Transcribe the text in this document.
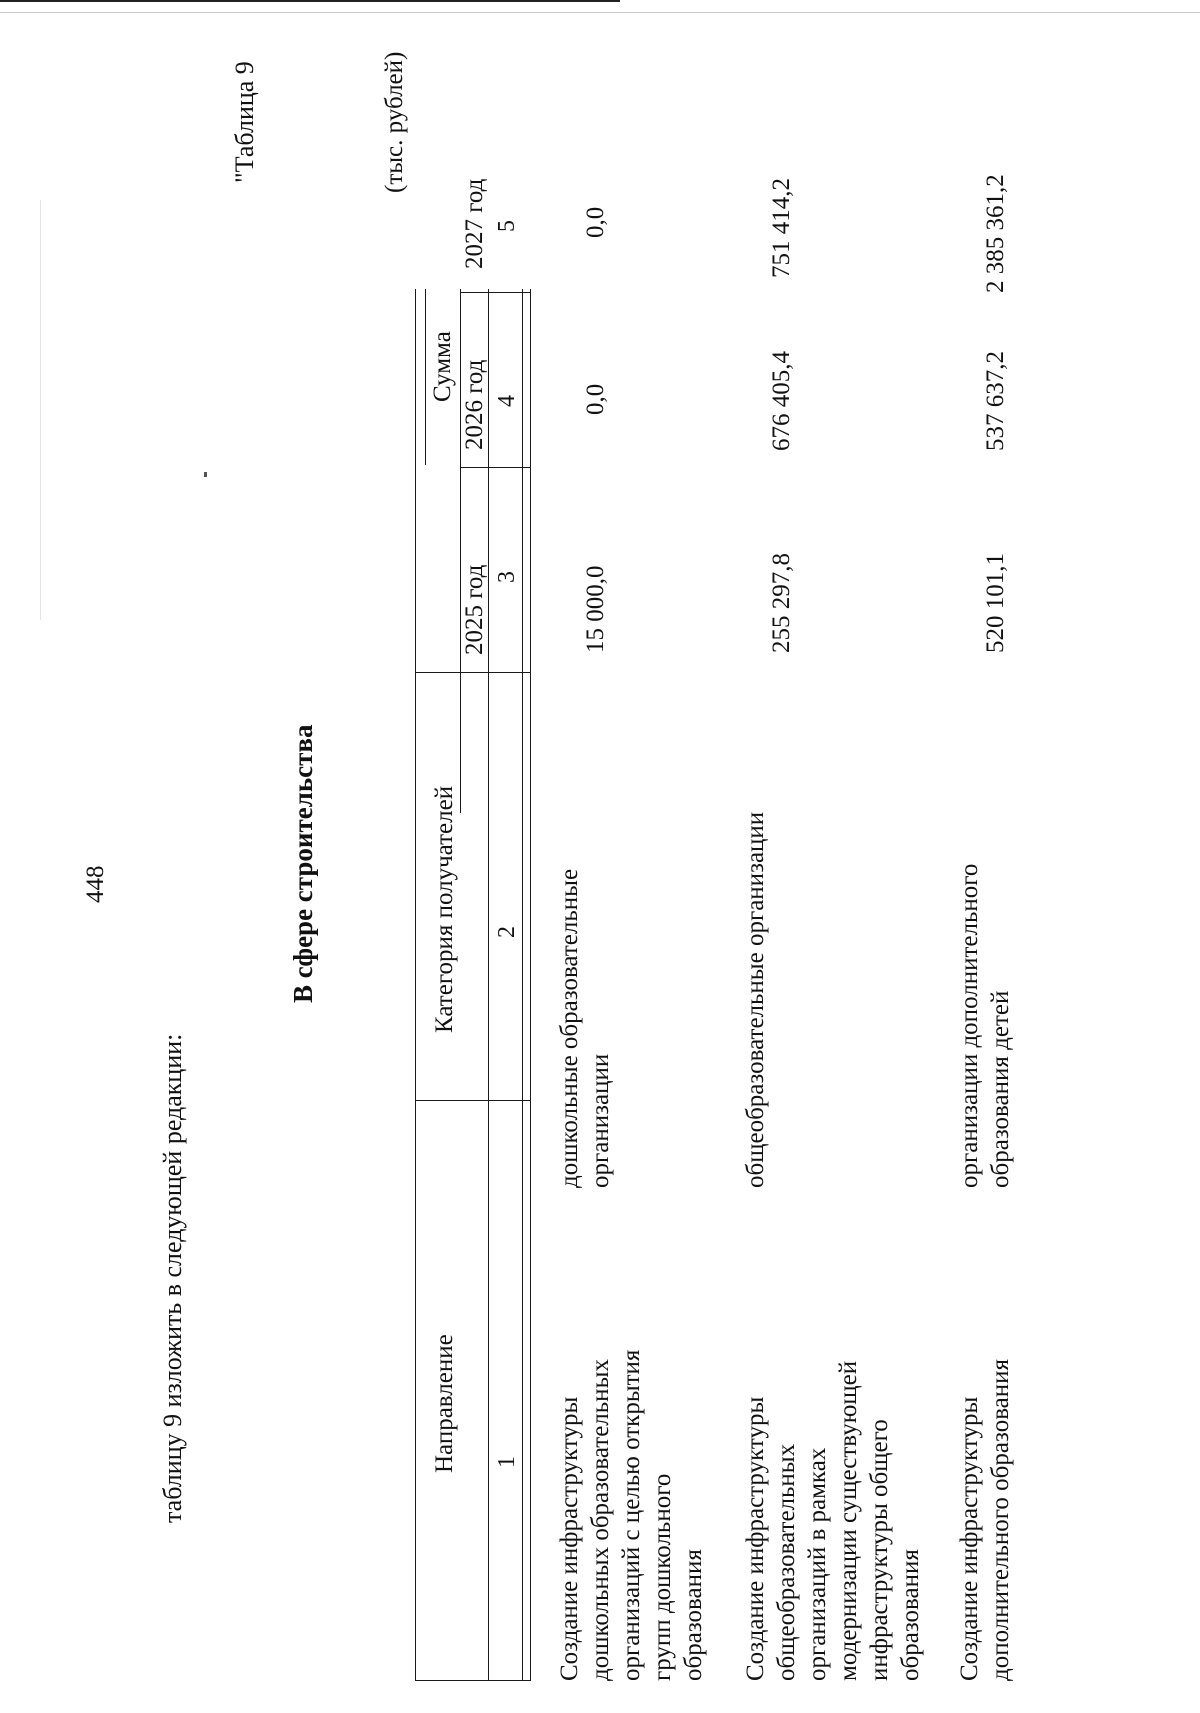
448
таблицу 9 изложить в следующей редакции:
"Таблица 9
В сфере строительства
(тыс. рублей)
Направление
Категория получателей
Сумма
2025 год
2026 год
2027 год
1
2
3
4
5
Создание инфраструктуры дошкольных образовательных организаций с целью открытия групп дошкольного образования
дошкольные образовательные организации
15 000,0
0,0
0,0
Создание инфраструктуры общеобразовательных организаций в рамках модернизации существующей инфраструктуры общего образования
общеобразовательные организации
255 297,8
676 405,4
751 414,2
Создание инфраструктуры дополнительного образования
организации дополнительного образования детей
520 101,1
537 637,2
2 385 361,2
